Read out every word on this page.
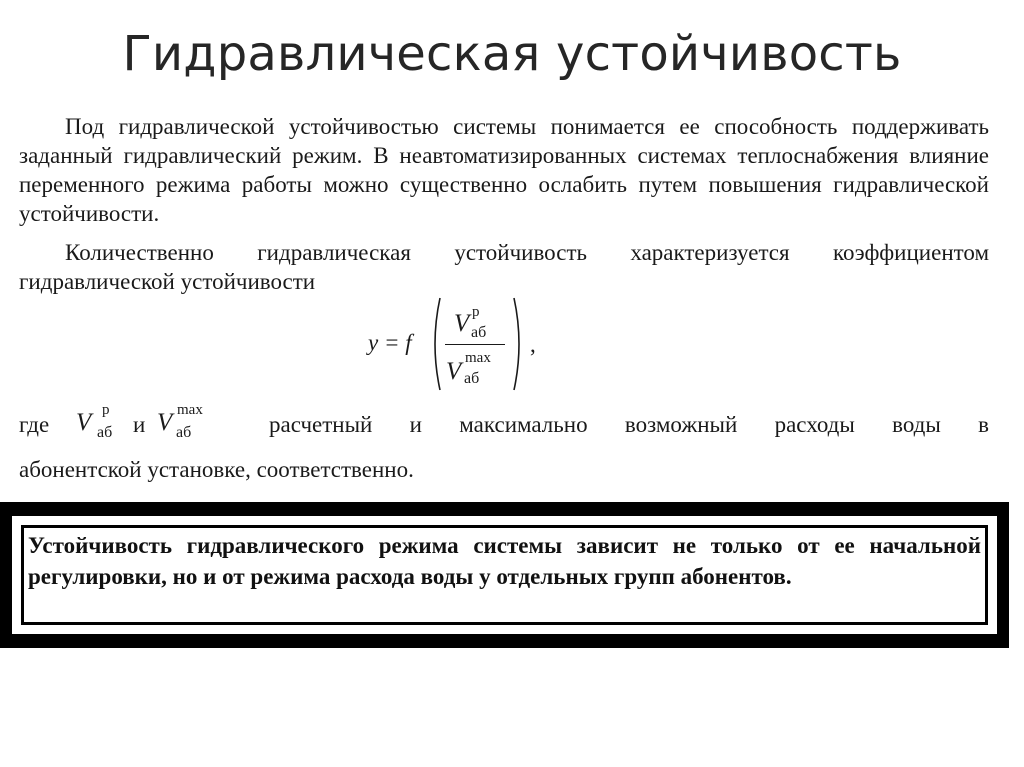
Гидравлическая устойчивость
Под гидравлической устойчивостью системы понимается ее способность поддерживать заданный гидравлический режим. В неавтоматизированных системах теплоснабжения влияние переменного режима работы можно существенно ослабить путем повышения гидравлической устойчивости.
Количественно гидравлическая устойчивость характеризуется коэффициентом гидравлической устойчивости
y = f
V p
аб
V max
аб
,
где V p
аб и V max
аб	расчетный и максимально возможный расходы воды в
абонентской установке, соответственно.
Устойчивость гидравлического режима системы зависит не только от ее начальной регулировки, но и от режима расхода воды у отдельных групп абонентов.
